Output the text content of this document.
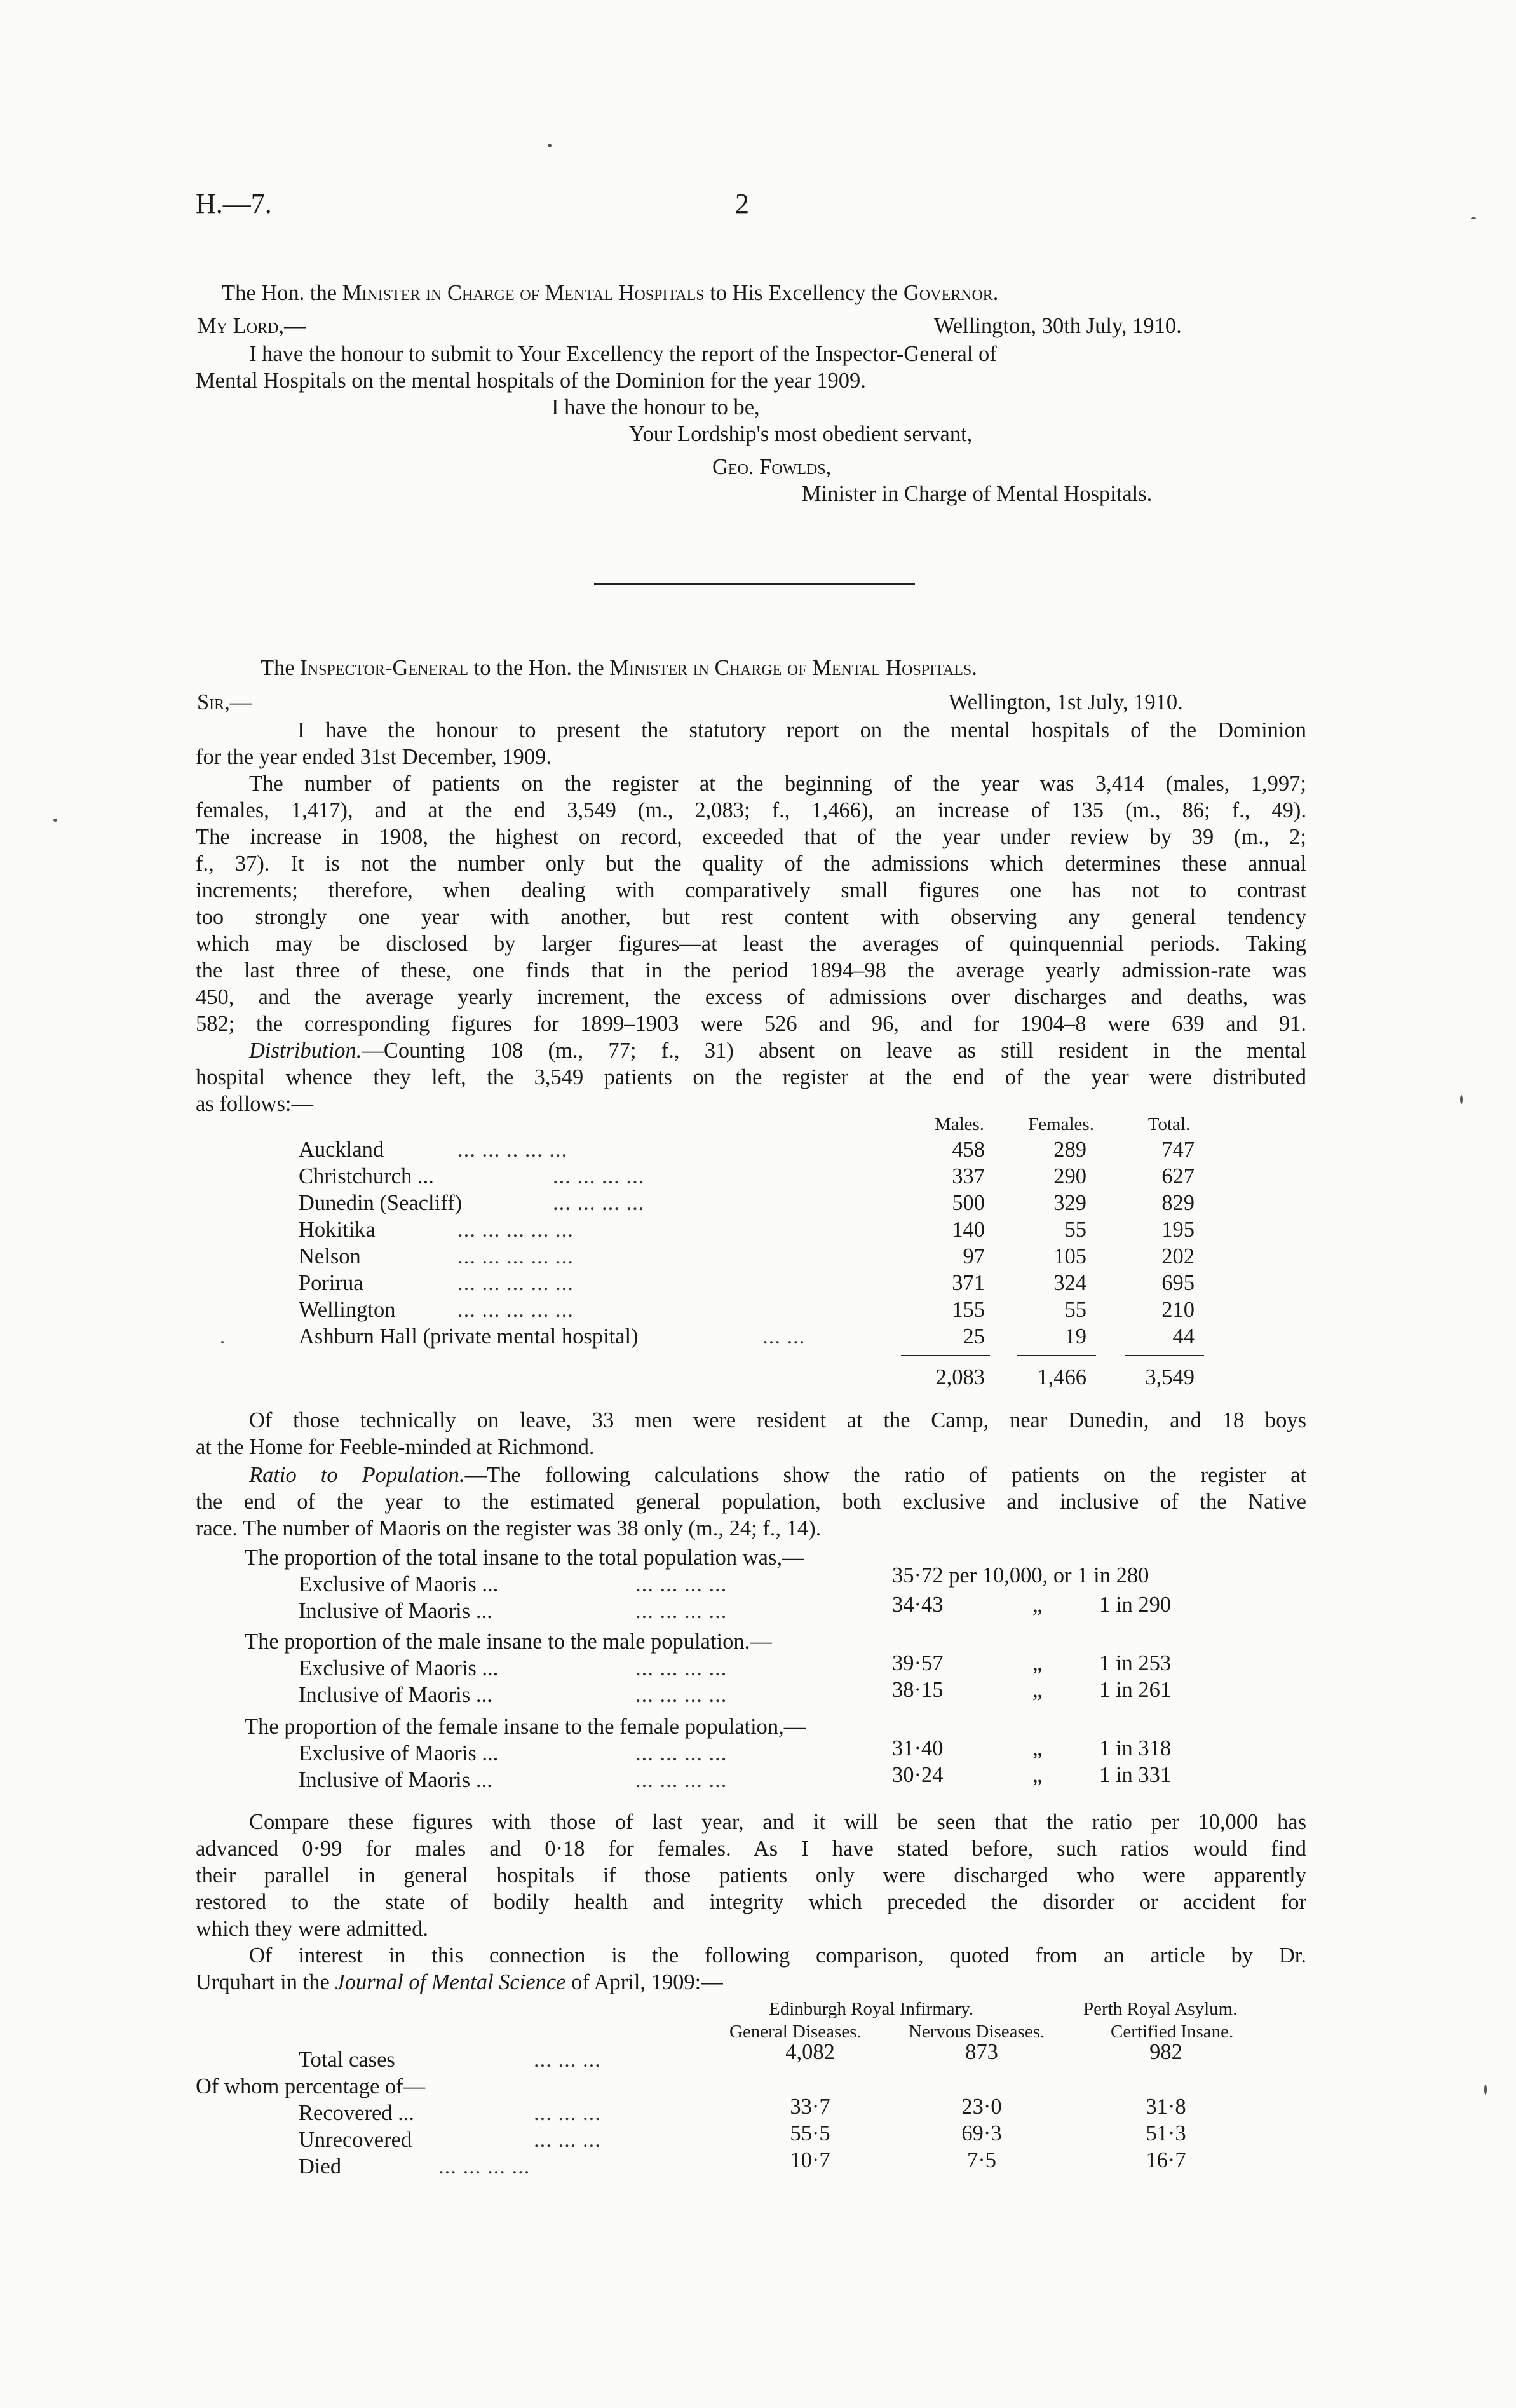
H.—7.	2
The Hon. the Minister in Charge of Mental Hospitals to His Excellency the Governor.
My Lord,—	Wellington, 30th July, 1910.
I have the honour to submit to Your Excellency the report of the Inspector-General of
Mental Hospitals on the mental hospitals of the Dominion for the year 1909.
I have the honour to be,
Your Lordship's most obedient servant,
Geo. Fowlds,
Minister in Charge of Mental Hospitals.
The Inspector-General to the Hon. the Minister in Charge of Mental Hospitals.
Sir,—	Wellington, 1st July, 1910.
I have the honour to present the statutory report on the mental hospitals of the Dominion
for the year ended 31st December, 1909.
The number of patients on the register at the beginning of the year was 3,414 (males, 1,997;
females, 1,417), and at the end 3,549 (m., 2,083; f., 1,466), an increase of 135 (m., 86; f., 49).
The increase in 1908, the highest on record, exceeded that of the year under review by 39 (m., 2;
f., 37). It is not the number only but the quality of the admissions which determines these annual
increments; therefore, when dealing with comparatively small figures one has not to contrast
too strongly one year with another, but rest content with observing any general tendency
which may be disclosed by larger figures—at least the averages of quinquennial periods. Taking
the last three of these, one finds that in the period 1894–98 the average yearly admission-rate was
450, and the average yearly increment, the excess of admissions over discharges and deaths, was
582; the corresponding figures for 1899–1903 were 526 and 96, and for 1904–8 were 639 and 91.
Distribution.—Counting 108 (m., 77; f., 31) absent on leave as still resident in the mental
hospital whence they left, the 3,549 patients on the register at the end of the year were distributed
as follows:—
Males.	Females.	Total.
Auckland	... ... .. ... ...	458	289	747
Christchurch ...	... ... ... ...	337	290	627
Dunedin (Seacliff)	... ... ... ...	500	329	829
Hokitika	... ... ... ... ...	140	55	195
Nelson	... ... ... ... ...	97	105	202
Porirua	... ... ... ... ...	371	324	695
Wellington	... ... ... ... ...	155	55	210
Ashburn Hall (private mental hospital)	... ...	25	19	44
2,083	1,466	3,549
Of those technically on leave, 33 men were resident at the Camp, near Dunedin, and 18 boys
at the Home for Feeble-minded at Richmond.
Ratio to Population.—The following calculations show the ratio of patients on the register at
the end of the year to the estimated general population, both exclusive and inclusive of the Native
race. The number of Maoris on the register was 38 only (m., 24; f., 14).
The proportion of the total insane to the total population was,—
Exclusive of Maoris ...	... ... ... ...	35·72 per 10,000, or 1 in 280
Inclusive of Maoris ...	... ... ... ...	34·43	„	1 in 290
The proportion of the male insane to the male population.—
Exclusive of Maoris ...	... ... ... ...	39·57	„	1 in 253
Inclusive of Maoris ...	... ... ... ...	38·15	„	1 in 261
The proportion of the female insane to the female population,—
Exclusive of Maoris ...	... ... ... ...	31·40	„	1 in 318
Inclusive of Maoris ...	... ... ... ...	30·24	„	1 in 331
Compare these figures with those of last year, and it will be seen that the ratio per 10,000 has
advanced 0·99 for males and 0·18 for females. As I have stated before, such ratios would find
their parallel in general hospitals if those patients only were discharged who were apparently
restored to the state of bodily health and integrity which preceded the disorder or accident for
which they were admitted.
Of interest in this connection is the following comparison, quoted from an article by Dr.
Urquhart in the Journal of Mental Science of April, 1909:—
Edinburgh Royal Infirmary.	Perth Royal Asylum.
General Diseases.	Nervous Diseases.	Certified Insane.
Total cases	... ... ...	4,082	873	982
Of whom percentage of—
Recovered ...	... ... ...	33·7	23·0	31·8
Unrecovered	... ... ...	55·5	69·3	51·3
Died	... ... ... ...	10·7	7·5	16·7
